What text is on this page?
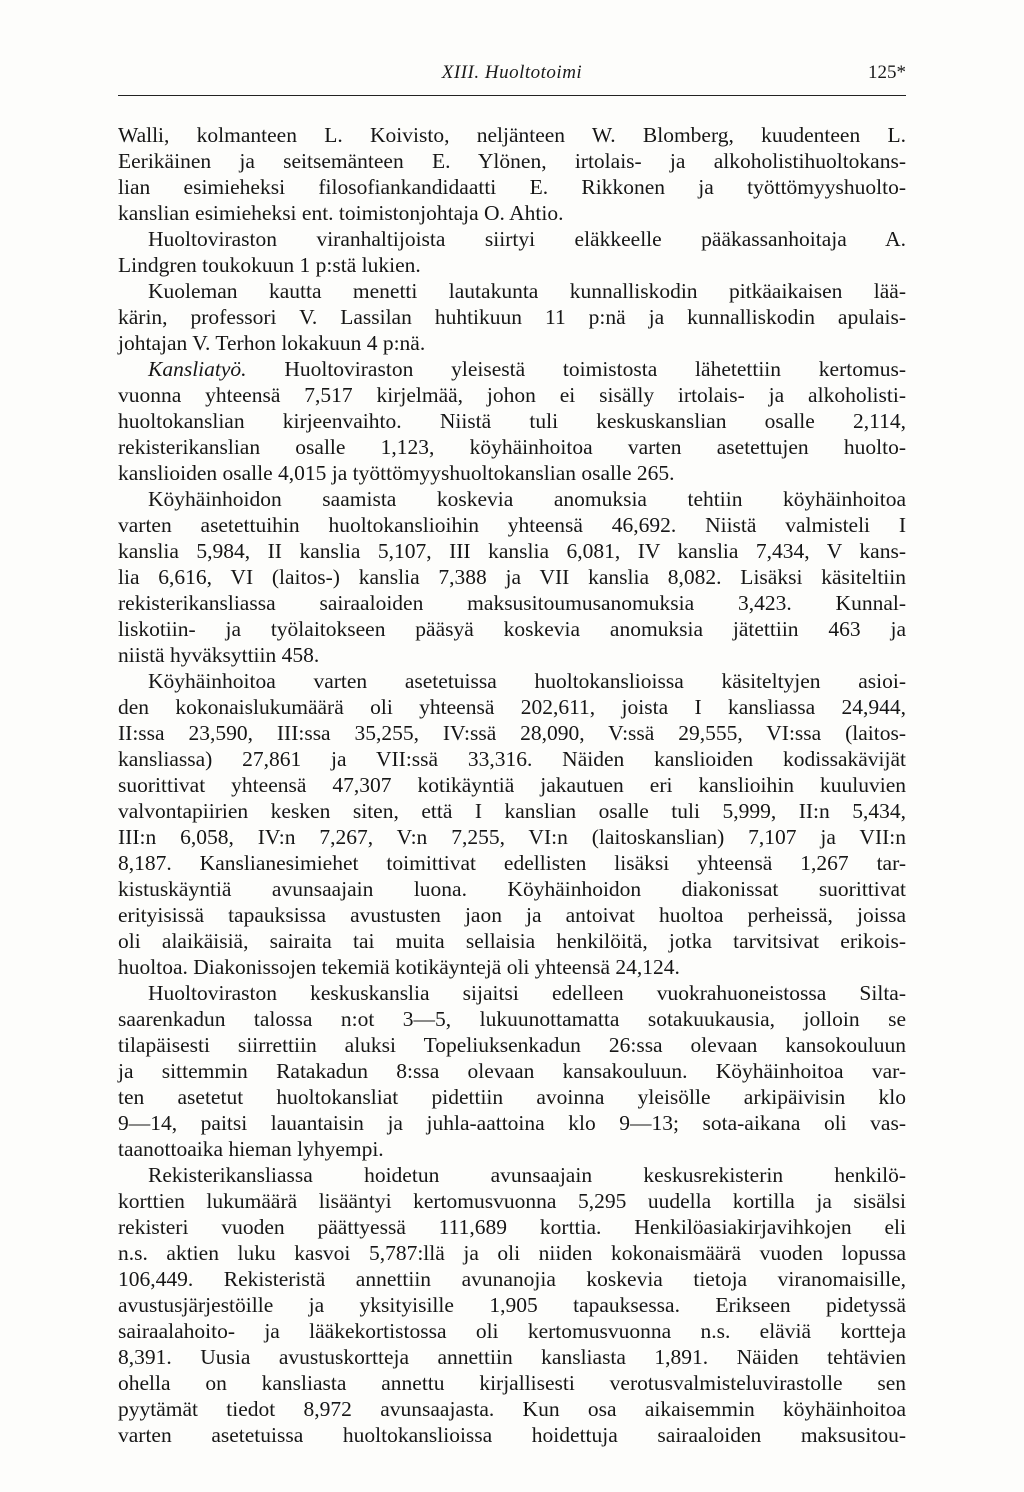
XIII. Huoltotoimi	125*
Walli, kolmanteen L. Koivisto, neljänteen W. Blomberg, kuudenteen L.
Eerikäinen ja seitsemänteen E. Ylönen, irtolais- ja alkoholistihuoltokans-
lian esimieheksi filosofiankandidaatti E. Rikkonen ja työttömyyshuolto-
kanslian esimieheksi ent. toimistonjohtaja O. Ahtio.
Huoltoviraston viranhaltijoista siirtyi eläkkeelle pääkassanhoitaja A.
Lindgren toukokuun 1 p:stä lukien.
Kuoleman kautta menetti lautakunta kunnalliskodin pitkäaikaisen lää-
kärin, professori V. Lassilan huhtikuun 11 p:nä ja kunnalliskodin apulais-
johtajan V. Terhon lokakuun 4 p:nä.
Kansliatyö. Huoltoviraston yleisestä toimistosta lähetettiin kertomus-
vuonna yhteensä 7,517 kirjelmää, johon ei sisälly irtolais- ja alkoholisti-
huoltokanslian kirjeenvaihto. Niistä tuli keskuskanslian osalle 2,114,
rekisterikanslian osalle 1,123, köyhäinhoitoa varten asetettujen huolto-
kanslioiden osalle 4,015 ja työttömyyshuoltokanslian osalle 265.
Köyhäinhoidon saamista koskevia anomuksia tehtiin köyhäinhoitoa
varten asetettuihin huoltokanslioihin yhteensä 46,692. Niistä valmisteli I
kanslia 5,984, II kanslia 5,107, III kanslia 6,081, IV kanslia 7,434, V kans-
lia 6,616, VI (laitos-) kanslia 7,388 ja VII kanslia 8,082. Lisäksi käsiteltiin
rekisterikansliassa sairaaloiden maksusitoumusanomuksia 3,423. Kunnal-
liskotiin- ja työlaitokseen pääsyä koskevia anomuksia jätettiin 463 ja
niistä hyväksyttiin 458.
Köyhäinhoitoa varten asetetuissa huoltokanslioissa käsiteltyjen asioi-
den kokonaislukumäärä oli yhteensä 202,611, joista I kansliassa 24,944,
II:ssa 23,590, III:ssa 35,255, IV:ssä 28,090, V:ssä 29,555, VI:ssa (laitos-
kansliassa) 27,861 ja VII:ssä 33,316. Näiden kanslioiden kodissakävijät
suorittivat yhteensä 47,307 kotikäyntiä jakautuen eri kanslioihin kuuluvien
valvontapiirien kesken siten, että I kanslian osalle tuli 5,999, II:n 5,434,
III:n 6,058, IV:n 7,267, V:n 7,255, VI:n (laitoskanslian) 7,107 ja VII:n
8,187. Kanslianesimiehet toimittivat edellisten lisäksi yhteensä 1,267 tar-
kistuskäyntiä avunsaajain luona. Köyhäinhoidon diakonissat suorittivat
erityisissä tapauksissa avustusten jaon ja antoivat huoltoa perheissä, joissa
oli alaikäisiä, sairaita tai muita sellaisia henkilöitä, jotka tarvitsivat erikois-
huoltoa. Diakonissojen tekemiä kotikäyntejä oli yhteensä 24,124.
Huoltoviraston keskuskanslia sijaitsi edelleen vuokrahuoneistossa Silta-
saarenkadun talossa n:ot 3—5, lukuunottamatta sotakuukausia, jolloin se
tilapäisesti siirrettiin aluksi Topeliuksenkadun 26:ssa olevaan kansokouluun
ja sittemmin Ratakadun 8:ssa olevaan kansakouluun. Köyhäinhoitoa var-
ten asetetut huoltokansliat pidettiin avoinna yleisölle arkipäivisin klo
9—14, paitsi lauantaisin ja juhla-aattoina klo 9—13; sota-aikana oli vas-
taanottoaika hieman lyhyempi.
Rekisterikansliassa hoidetun avunsaajain keskusrekisterin henkilö-
korttien lukumäärä lisääntyi kertomusvuonna 5,295 uudella kortilla ja sisälsi
rekisteri vuoden päättyessä 111,689 korttia. Henkilöasiakirjavihkojen eli
n.s. aktien luku kasvoi 5,787:llä ja oli niiden kokonaismäärä vuoden lopussa
106,449. Rekisteristä annettiin avunanojia koskevia tietoja viranomaisille,
avustusjärjestöille ja yksityisille 1,905 tapauksessa. Erikseen pidetyssä
sairaalahoito- ja lääkekortistossa oli kertomusvuonna n.s. eläviä kortteja
8,391. Uusia avustuskortteja annettiin kansliasta 1,891. Näiden tehtävien
ohella on kansliasta annettu kirjallisesti verotusvalmisteluvirastolle sen
pyytämät tiedot 8,972 avunsaajasta. Kun osa aikaisemmin köyhäinhoitoa
varten asetetuissa huoltokanslioissa hoidettuja sairaaloiden maksusitou-
